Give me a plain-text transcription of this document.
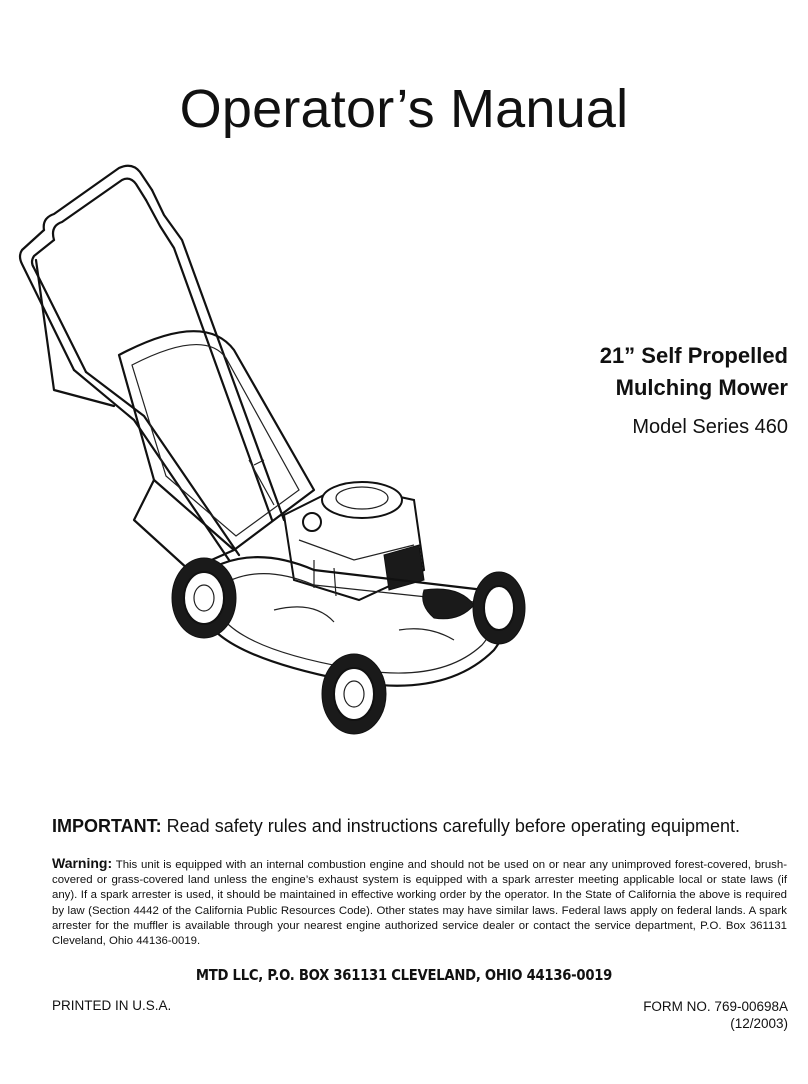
Operator’s Manual

21” Self Propelled

Mulching Mower

Model Series 460

IMPORTANT: Read safety rules and instructions carefully before operating equipment.
Warning: This unit is equipped with an internal combustion engine and should not be used on or near any unimproved forest-covered, brush-covered or grass-covered land unless the engine’s exhaust system is equipped with a spark arrester meeting applicable local or state laws (if any). If a spark arrester is used, it should be maintained in effective working order by the operator. In the State of California the above is required by law (Section 4442 of the California Public Resources Code). Other states may have similar laws. Federal laws apply on federal lands. A spark arrester for the muffler is available through your nearest engine authorized service dealer or contact the service department, P.O. Box 361131 Cleveland, Ohio 44136-0019.
MTD LLC, P.O. BOX 361131 CLEVELAND, OHIO 44136-0019
PRINTED IN U.S.A.	FORM NO. 769-00698A
(12/2003)
